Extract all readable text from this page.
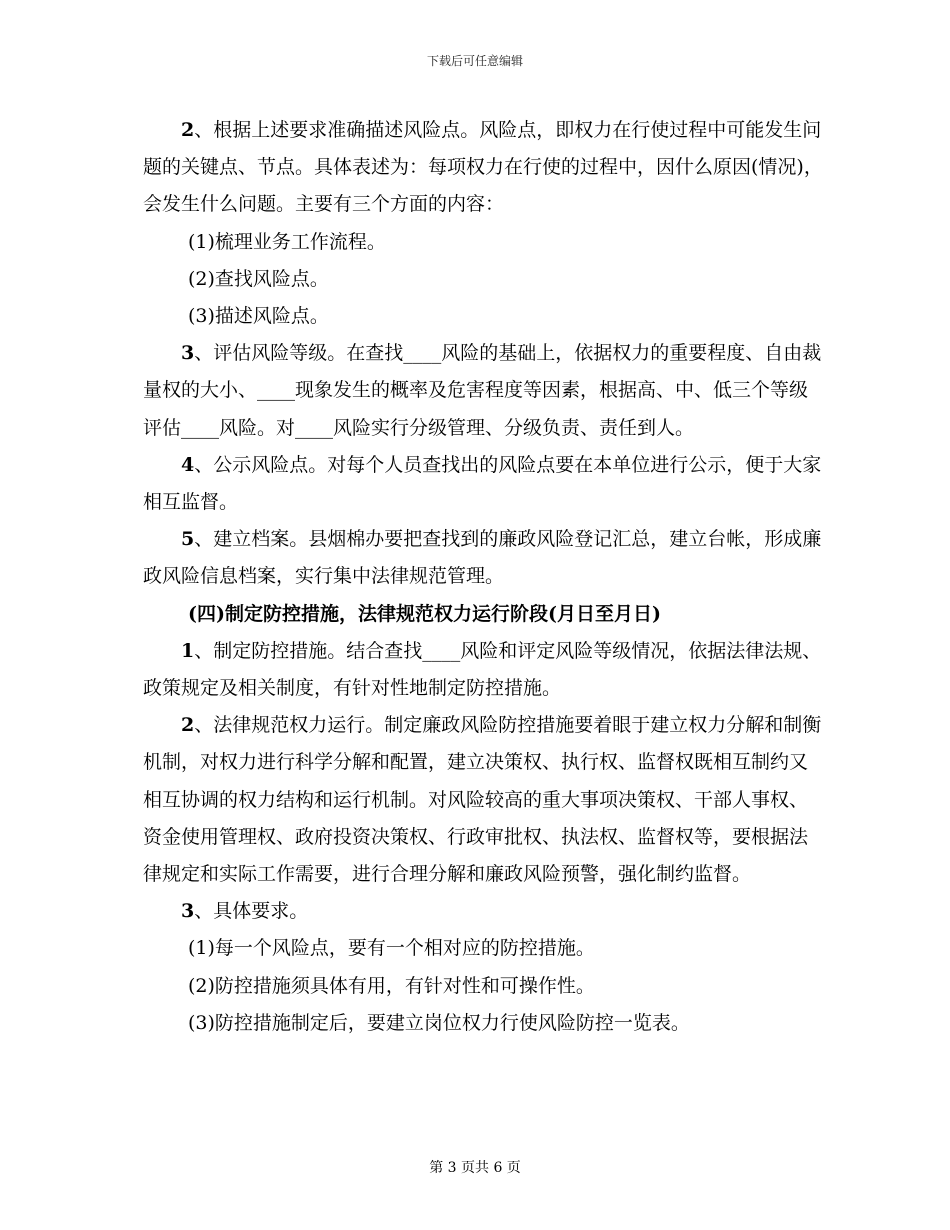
下载后可任意编辑

2、根据上述要求准确描述风险点。风险点，即权力在行使过程中可能发生问题的关键点、节点。具体表述为：每项权力在行使的过程中，因什么原因(情况)，会发生什么问题。主要有三个方面的内容：

(1)梳理业务工作流程。

(2)查找风险点。

(3)描述风险点。

3、评估风险等级。在查找____风险的基础上，依据权力的重要程度、自由裁量权的大小、____现象发生的概率及危害程度等因素，根据高、中、低三个等级评估____风险。对____风险实行分级管理、分级负责、责任到人。

4、公示风险点。对每个人员查找出的风险点要在本单位进行公示，便于大家相互监督。

5、建立档案。县烟棉办要把查找到的廉政风险登记汇总，建立台帐，形成廉政风险信息档案，实行集中法律规范管理。

(四)制定防控措施，法律规范权力运行阶段(月日至月日)

1、制定防控措施。结合查找____风险和评定风险等级情况，依据法律法规、政策规定及相关制度，有针对性地制定防控措施。

2、法律规范权力运行。制定廉政风险防控措施要着眼于建立权力分解和制衡机制，对权力进行科学分解和配置，建立决策权、执行权、监督权既相互制约又相互协调的权力结构和运行机制。对风险较高的重大事项决策权、干部人事权、资金使用管理权、政府投资决策权、行政审批权、执法权、监督权等，要根据法律规定和实际工作需要，进行合理分解和廉政风险预警，强化制约监督。

3、具体要求。

(1)每一个风险点，要有一个相对应的防控措施。

(2)防控措施须具体有用，有针对性和可操作性。

(3)防控措施制定后，要建立岗位权力行使风险防控一览表。

第 3 页共 6 页
